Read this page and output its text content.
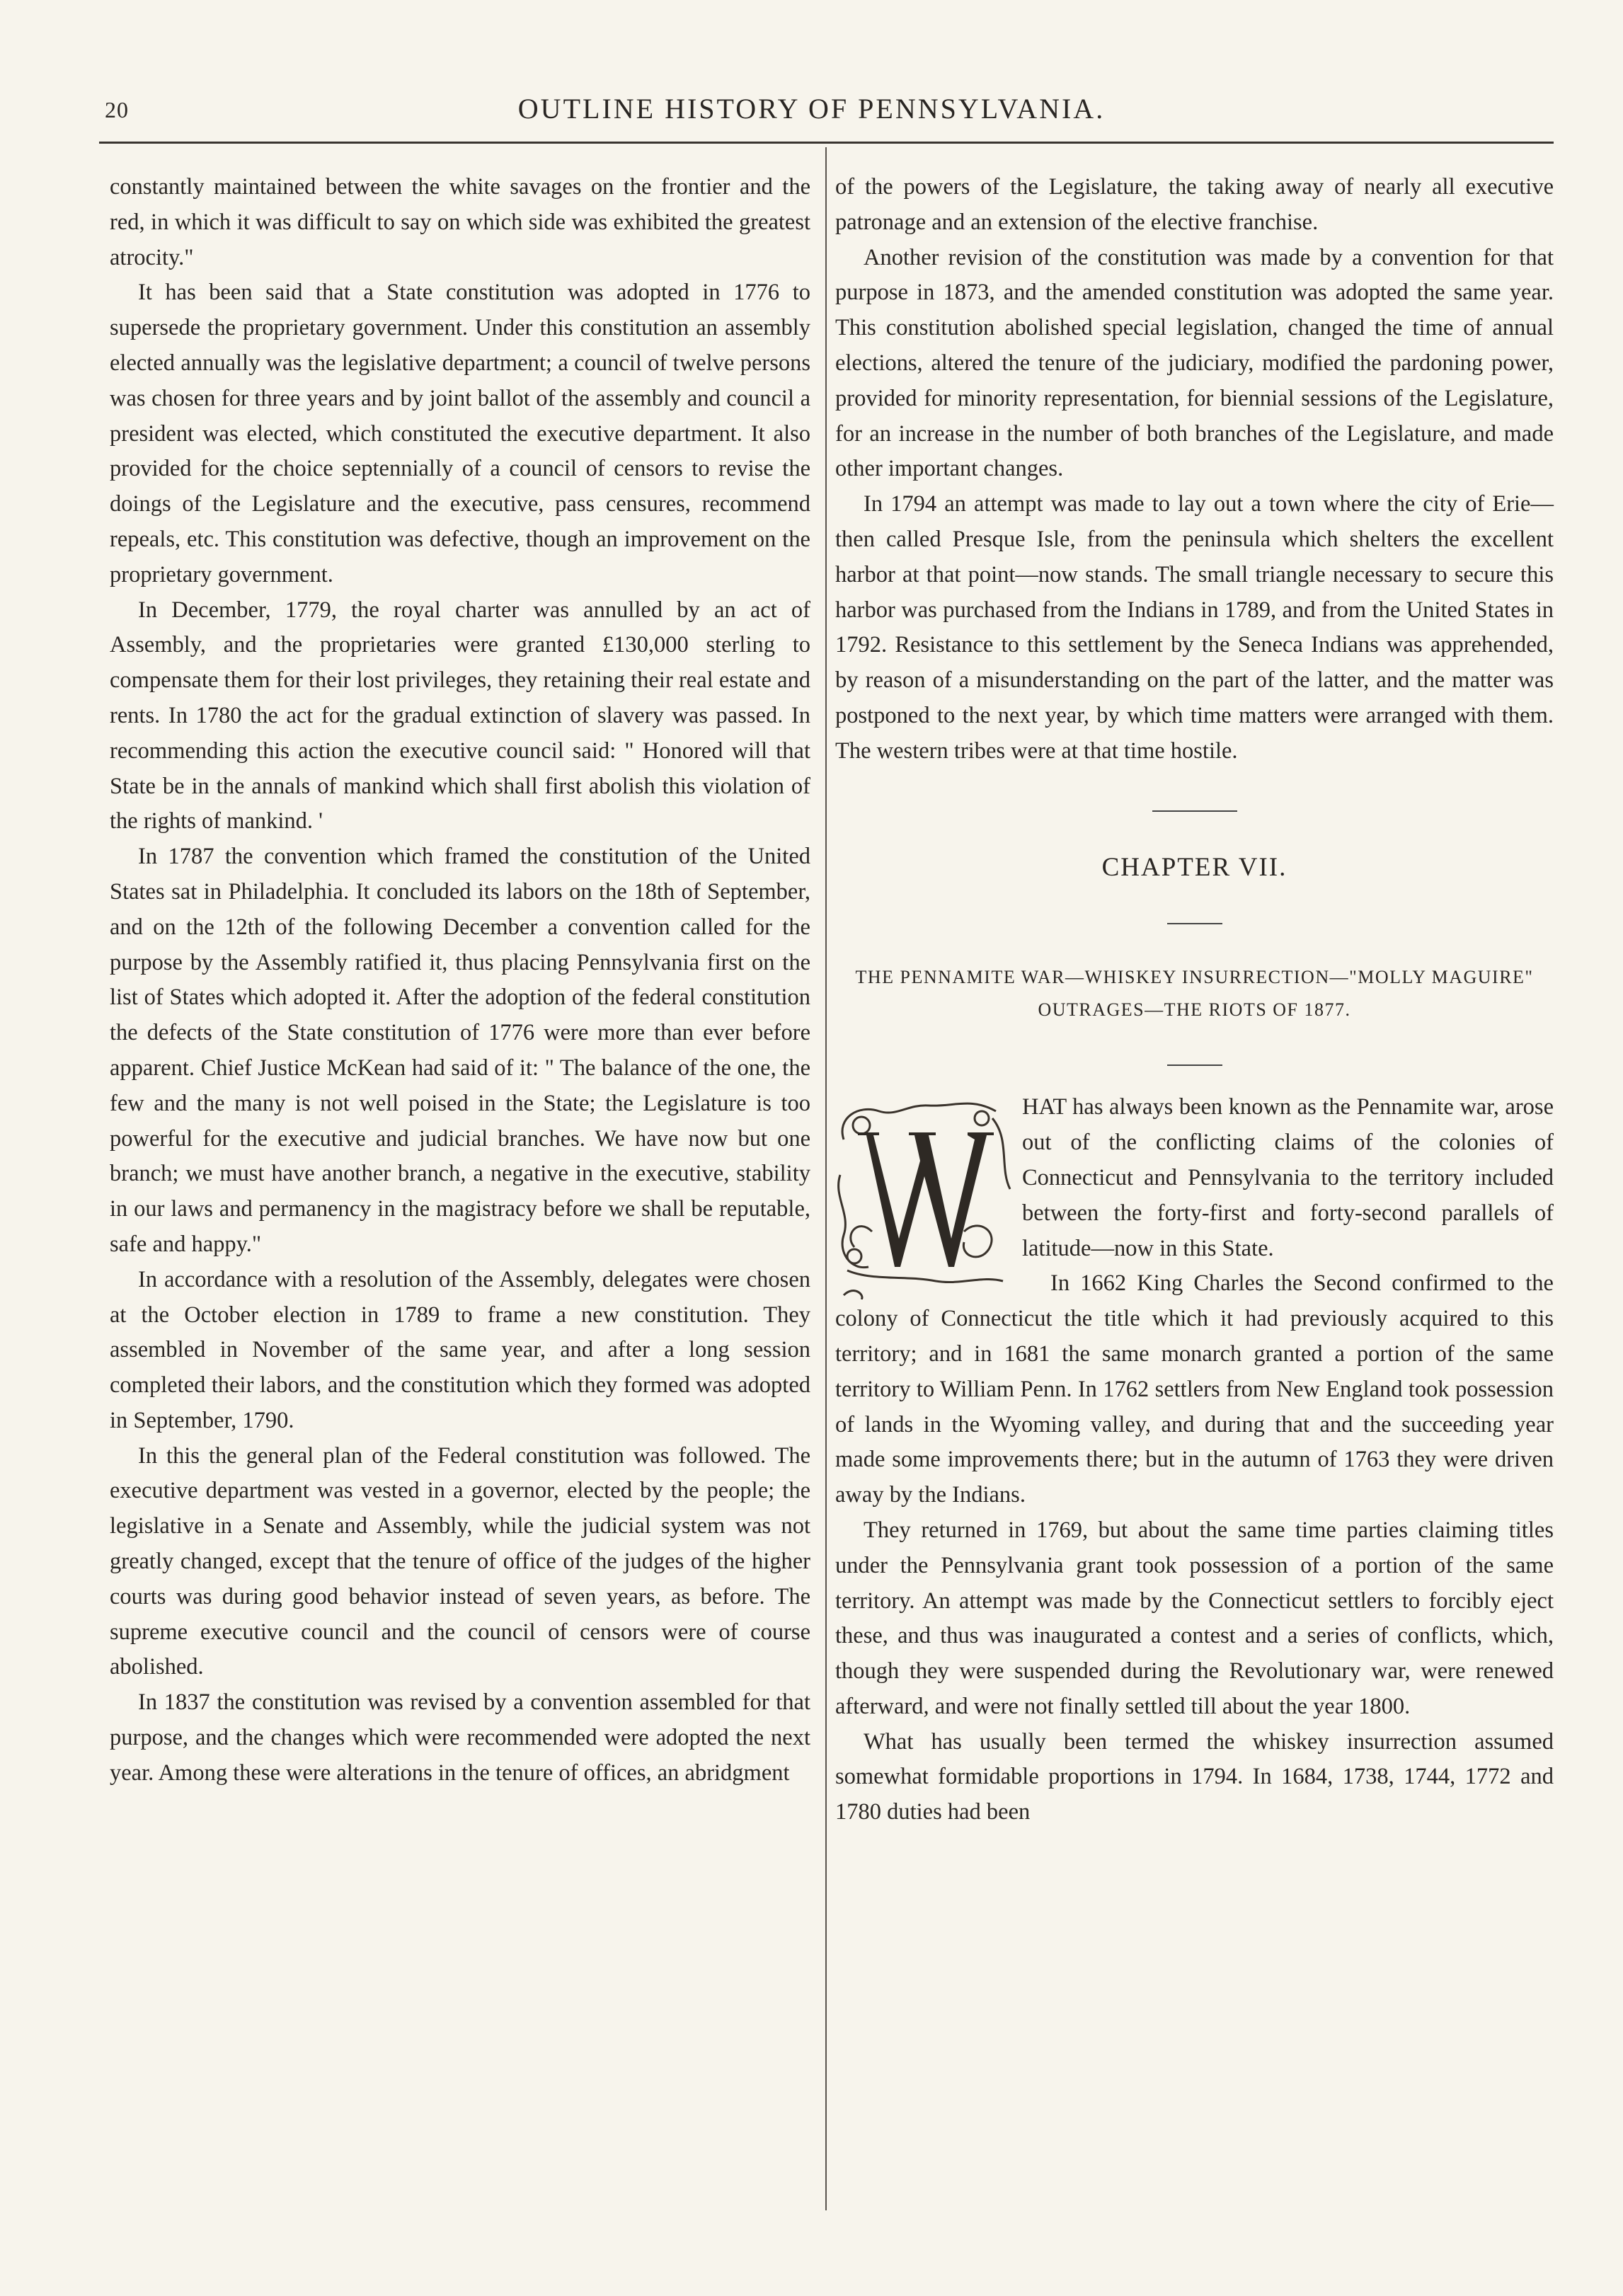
20	OUTLINE HISTORY OF PENNSYLVANIA.

constantly maintained between the white savages on the frontier and the red, in which it was difficult to say on which side was exhibited the greatest atrocity."

It has been said that a State constitution was adopted in 1776 to supersede the proprietary government. Under this constitution an assembly elected annually was the legislative department; a council of twelve persons was chosen for three years and by joint ballot of the assembly and council a president was elected, which constituted the executive department. It also provided for the choice septennially of a council of censors to revise the doings of the Legislature and the executive, pass censures, recommend repeals, etc. This constitution was defective, though an improvement on the proprietary government.

In December, 1779, the royal charter was annulled by an act of Assembly, and the proprietaries were granted £130,000 sterling to compensate them for their lost privileges, they retaining their real estate and rents. In 1780 the act for the gradual extinction of slavery was passed. In recommending this action the executive council said: " Honored will that State be in the annals of mankind which shall first abolish this violation of the rights of mankind. '

In 1787 the convention which framed the constitution of the United States sat in Philadelphia. It concluded its labors on the 18th of September, and on the 12th of the following December a convention called for the purpose by the Assembly ratified it, thus placing Pennsylvania first on the list of States which adopted it. After the adoption of the federal constitution the defects of the State constitution of 1776 were more than ever before apparent. Chief Justice McKean had said of it: " The balance of the one, the few and the many is not well poised in the State; the Legislature is too powerful for the executive and judicial branches. We have now but one branch; we must have another branch, a negative in the executive, stability in our laws and permanency in the magistracy before we shall be reputable, safe and happy."

In accordance with a resolution of the Assembly, delegates were chosen at the October election in 1789 to frame a new constitution. They assembled in November of the same year, and after a long session completed their labors, and the constitution which they formed was adopted in September, 1790.

In this the general plan of the Federal constitution was followed. The executive department was vested in a governor, elected by the people; the legislative in a Senate and Assembly, while the judicial system was not greatly changed, except that the tenure of office of the judges of the higher courts was during good behavior instead of seven years, as before. The supreme executive council and the council of censors were of course abolished.

In 1837 the constitution was revised by a convention assembled for that purpose, and the changes which were recommended were adopted the next year. Among these were alterations in the tenure of offices, an abridgment

of the powers of the Legislature, the taking away of nearly all executive patronage and an extension of the elective franchise.

Another revision of the constitution was made by a convention for that purpose in 1873, and the amended constitution was adopted the same year. This constitution abolished special legislation, changed the time of annual elections, altered the tenure of the judiciary, modified the pardoning power, provided for minority representation, for biennial sessions of the Legislature, for an increase in the number of both branches of the Legislature, and made other important changes.

In 1794 an attempt was made to lay out a town where the city of Erie—then called Presque Isle, from the peninsula which shelters the excellent harbor at that point—now stands. The small triangle necessary to secure this harbor was purchased from the Indians in 1789, and from the United States in 1792. Resistance to this settlement by the Seneca Indians was apprehended, by reason of a misunderstanding on the part of the latter, and the matter was postponed to the next year, by which time matters were arranged with them. The western tribes were at that time hostile.

CHAPTER VII.
THE PENNAMITE WAR—WHISKEY INSURRECTION—"MOLLY MAGUIRE" OUTRAGES—THE RIOTS OF 1877.
W

HAT has always been known as the Pennamite war, arose out of the conflicting claims of the colonies of Connecticut and Pennsylvania to the territory included between the forty-first and forty-second parallels of latitude—now in this State.

In 1662 King Charles the Second confirmed to the colony of Connecticut the title which it had previously acquired to this territory; and in 1681 the same monarch granted a portion of the same territory to William Penn. In 1762 settlers from New England took possession of lands in the Wyoming valley, and during that and the succeeding year made some improvements there; but in the autumn of 1763 they were driven away by the Indians.

They returned in 1769, but about the same time parties claiming titles under the Pennsylvania grant took possession of a portion of the same territory. An attempt was made by the Connecticut settlers to forcibly eject these, and thus was inaugurated a contest and a series of conflicts, which, though they were suspended during the Revolutionary war, were renewed afterward, and were not finally settled till about the year 1800.

What has usually been termed the whiskey insurrection assumed somewhat formidable proportions in 1794. In 1684, 1738, 1744, 1772 and 1780 duties had been
